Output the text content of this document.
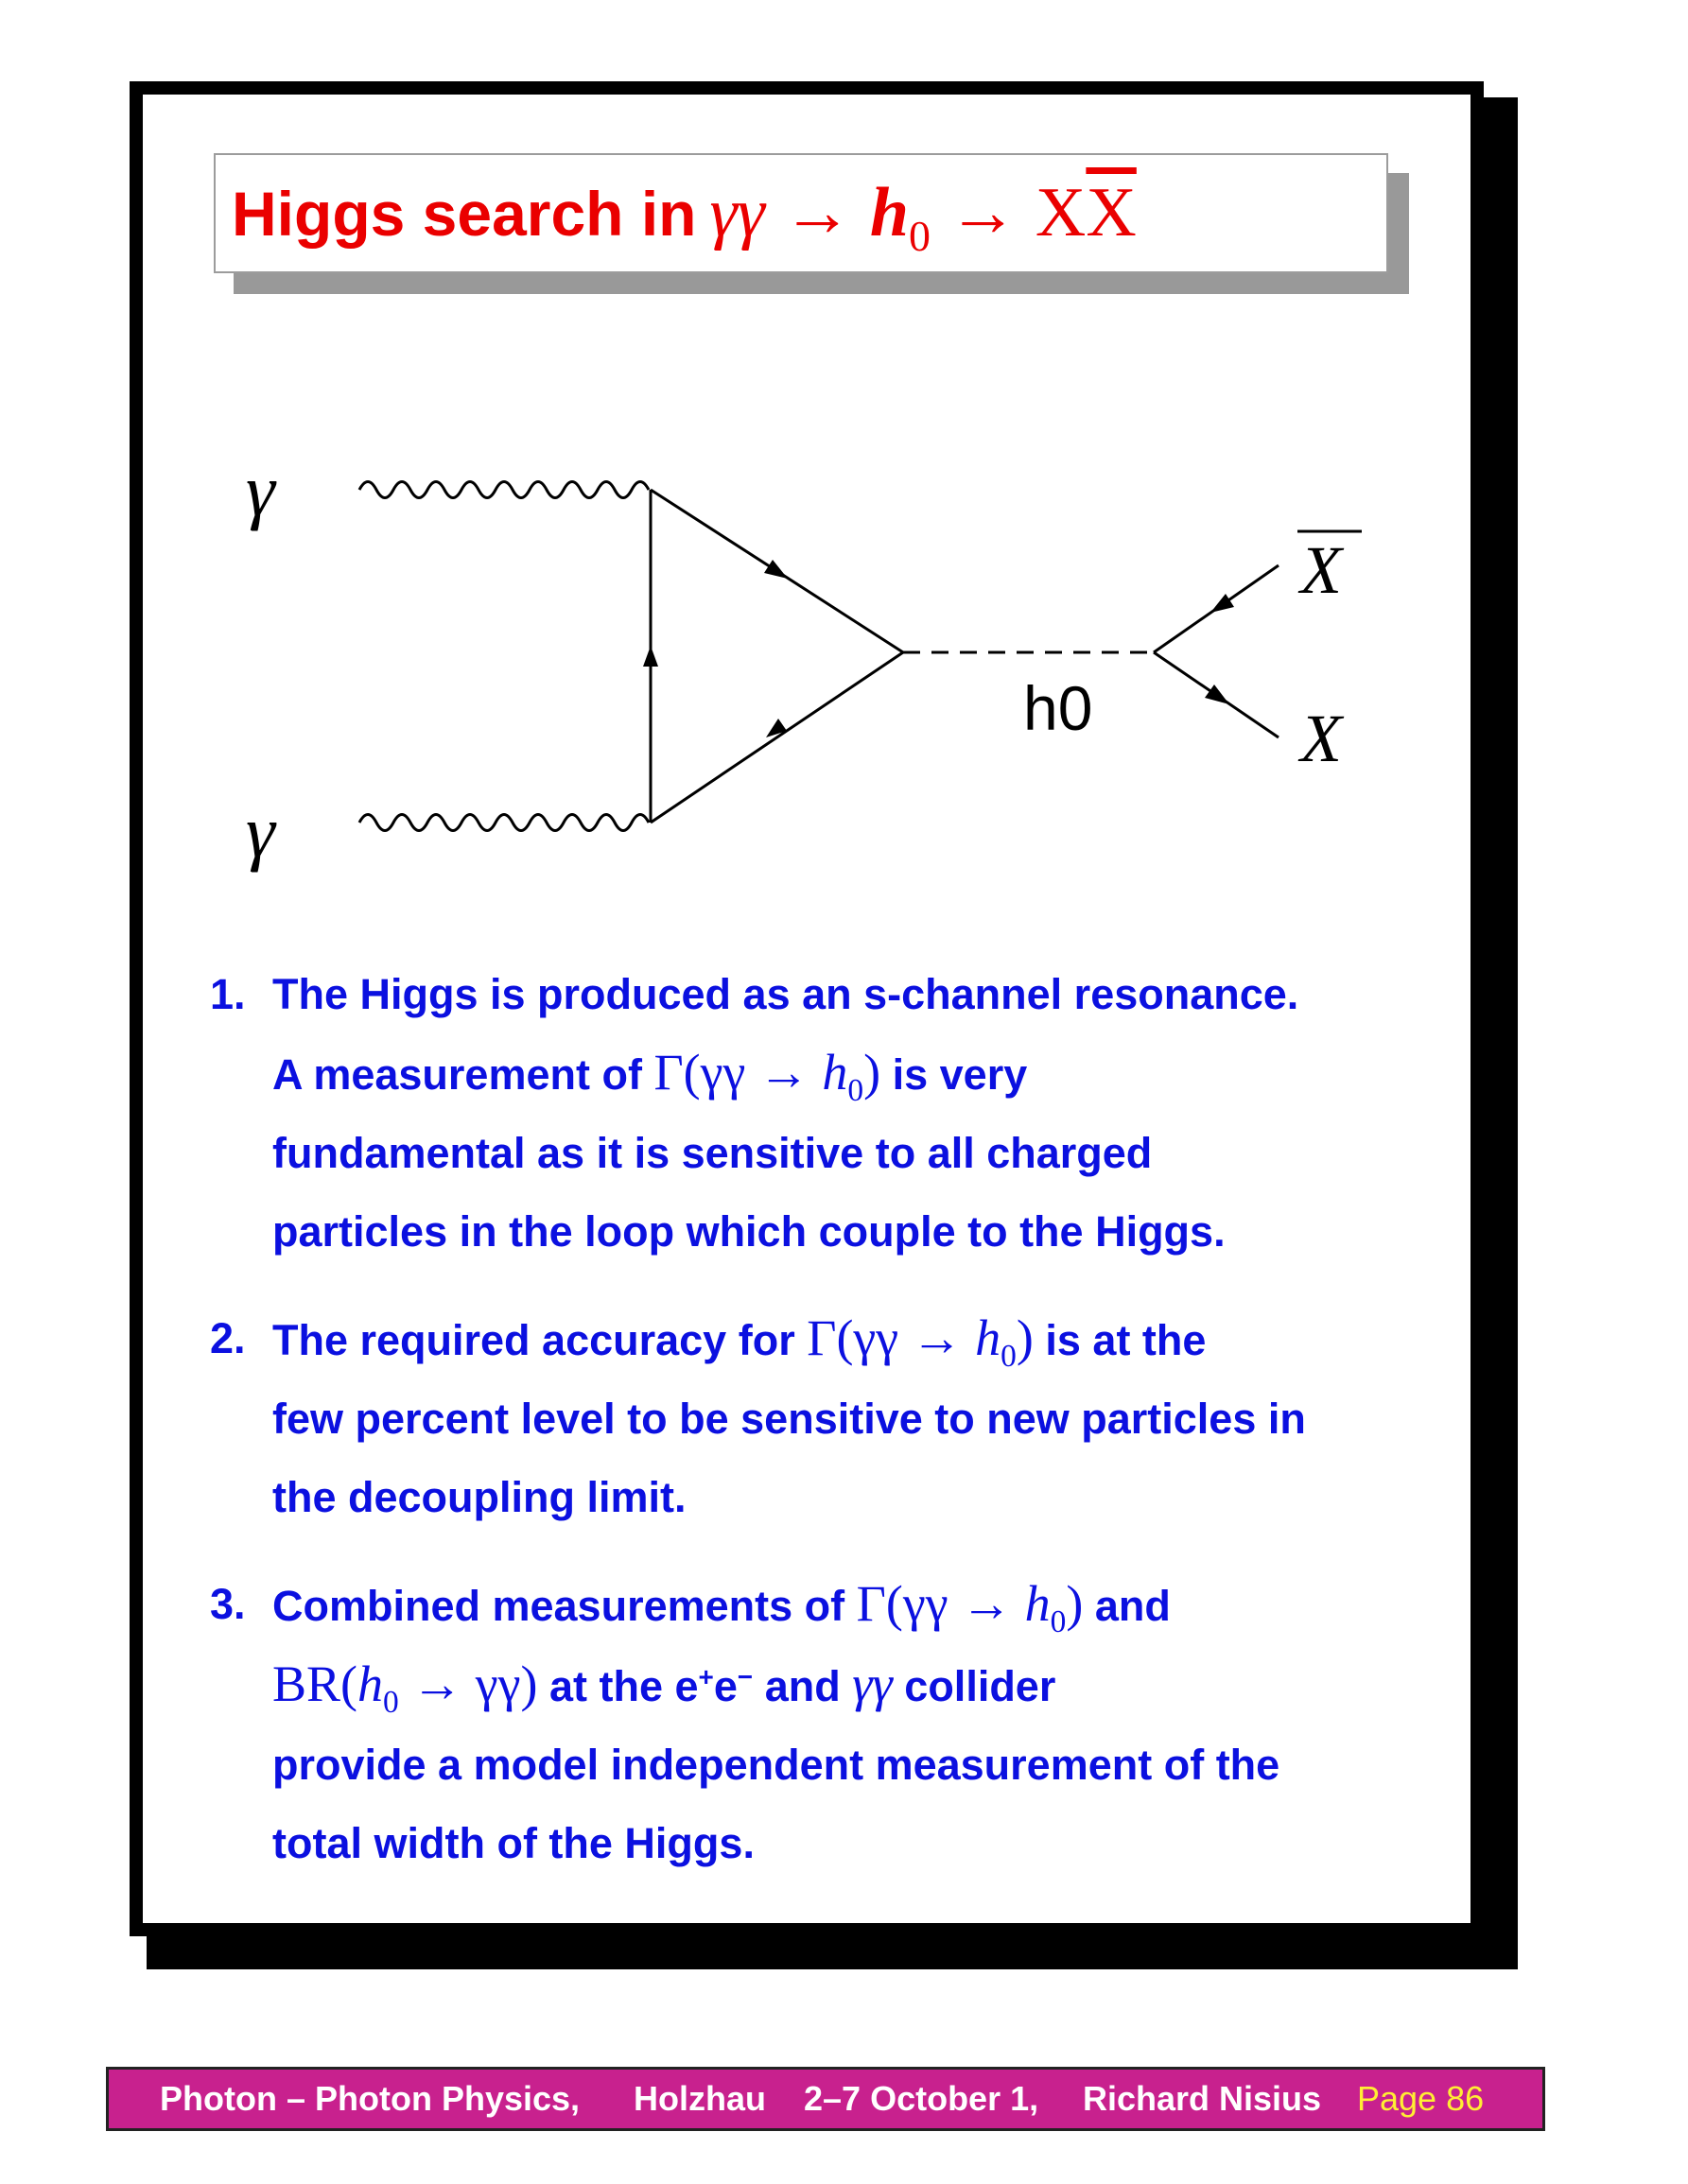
Higgs search in $\gamma\gamma \to h_0 \to X\overline{X}$
γ
γ
h0
X
X
1. The Higgs is produced as an s-channel resonance.
A measurement of $\Gamma(\gamma\gamma \to h_0)$ is very
fundamental as it is sensitive to all charged
particles in the loop which couple to the Higgs.
2. The required accuracy for $\Gamma(\gamma\gamma \to h_0)$ is at the
few percent level to be sensitive to new particles in
the decoupling limit.
3. Combined measurements of $\Gamma(\gamma\gamma \to h_0)$ and
$BR(h_0 \to \gamma\gamma)$ at the e+e− and γγ collider
provide a model independent measurement of the
total width of the Higgs.
Photon – Photon Physics, Holzhau 2–7 October 1, Richard Nisius Page 86
